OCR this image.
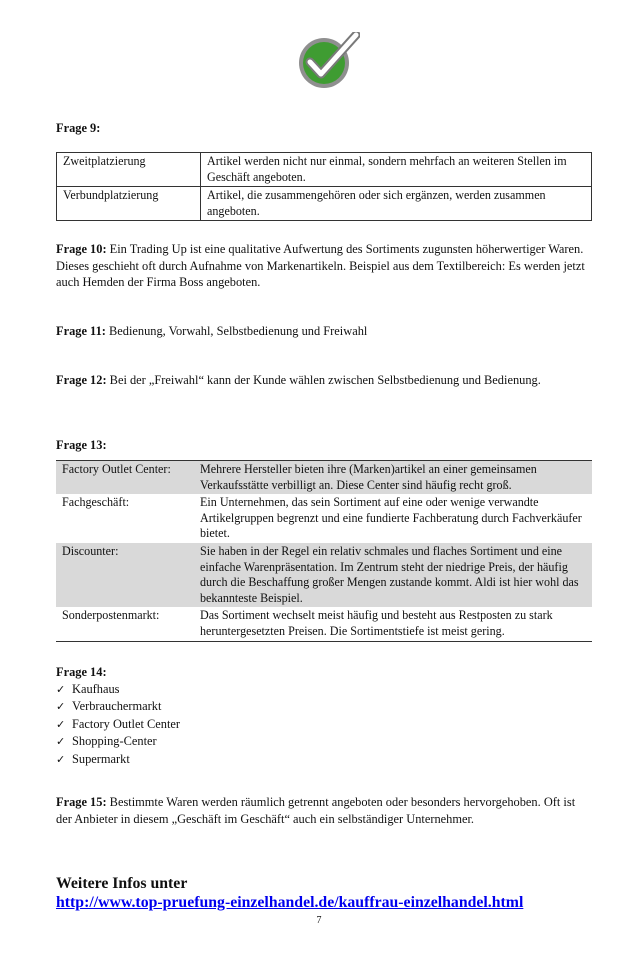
Frage 9:
Zweitplatzierung	Artikel werden nicht nur einmal, sondern mehrfach an weiteren Stellen im Geschäft angeboten.
Verbundplatzierung	Artikel, die zusammengehören oder sich ergänzen, werden zusammen angeboten.
Frage 10: Ein Trading Up ist eine qualitative Aufwertung des Sortiments zugunsten höherwertiger Waren. Dieses geschieht oft durch Aufnahme von Markenartikeln. Beispiel aus dem Textilbereich: Es werden jetzt auch Hemden der Firma Boss angeboten.
Frage 11: Bedienung, Vorwahl, Selbstbedienung und Freiwahl
Frage 12: Bei der „Freiwahl“ kann der Kunde wählen zwischen Selbstbedienung und Bedienung.
Frage 13:
Factory Outlet Center:	Mehrere Hersteller bieten ihre (Marken)artikel an einer gemeinsamen Verkaufsstätte verbilligt an. Diese Center sind häufig recht groß.
Fachgeschäft:	Ein Unternehmen, das sein Sortiment auf eine oder wenige verwandte Artikelgruppen begrenzt und eine fundierte Fachberatung durch Fachverkäufer bietet.
Discounter:	Sie haben in der Regel ein relativ schmales und flaches Sortiment und eine einfache Warenpräsentation. Im Zentrum steht der niedrige Preis, der häufig durch die Beschaffung großer Mengen zustande kommt. Aldi ist hier wohl das bekannteste Beispiel.
Sonderpostenmarkt:	Das Sortiment wechselt meist häufig und besteht aus Restposten zu stark heruntergesetzten Preisen. Die Sortimentstiefe ist meist gering.
Frage 14:
✓ Kaufhaus
✓ Verbrauchermarkt
✓ Factory Outlet Center
✓ Shopping-Center
✓ Supermarkt
Frage 15: Bestimmte Waren werden räumlich getrennt angeboten oder besonders hervorgehoben. Oft ist der Anbieter in diesem „Geschäft im Geschäft“ auch ein selbständiger Unternehmer.
Weitere Infos unter
http://www.top-pruefung-einzelhandel.de/kauffrau-einzelhandel.html
7
